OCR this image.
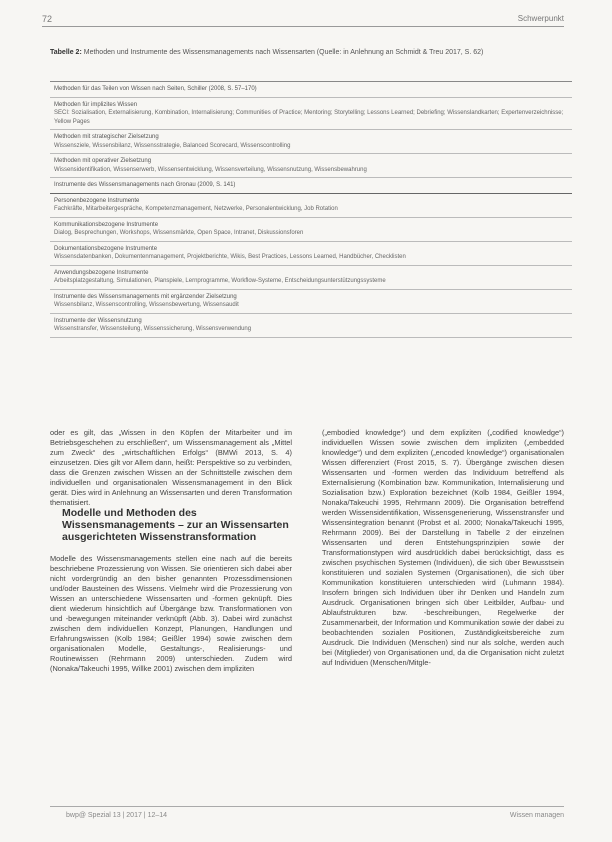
72	Schwerpunkt
Tabelle 2: Methoden und Instrumente des Wissensmanagements nach Wissensarten (Quelle: in Anlehnung an Schmidt & Treu 2017, S. 62)
Methoden für das Teilen von Wissen nach Seiten, Schiller (2008, S. 57–170)
Methoden für implizites Wissen
SECI: Sozialisation, Externalisierung, Kombination, Internalisierung; Communities of Practice; Mentoring; Storytelling; Lessons Learned; Debriefing; Wissenslandkarten; Expertenverzeichnisse; Yellow Pages
Methoden mit strategischer Zielsetzung
Wissensziele, Wissensbilanz, Wissensstrategie, Balanced Scorecard, Wissenscontrolling
Methoden mit operativer Zielsetzung
Wissensidentifikation, Wissenserwerb, Wissensentwicklung, Wissensverteilung, Wissensnutzung, Wissensbewahrung
Instrumente des Wissensmanagements nach Gronau (2009, S. 141)
Personenbezogene Instrumente
Fachkräfte, Mitarbeitergespräche, Kompetenzmanagement, Netzwerke, Personalentwicklung, Job Rotation
Kommunikationsbezogene Instrumente
Dialog, Besprechungen, Workshops, Wissensmärkte, Open Space, Intranet, Diskussionsforen
Dokumentationsbezogene Instrumente
Wissensdatenbanken, Dokumentenmanagement, Projektberichte, Wikis, Best Practices, Lessons Learned, Handbücher, Checklisten
Anwendungsbezogene Instrumente
Arbeitsplatzgestaltung, Simulationen, Planspiele, Lernprogramme, Workflow-Systeme, Entscheidungsunterstützungssysteme
Instrumente des Wissensmanagements mit ergänzender Zielsetzung
Wissensbilanz, Wissenscontrolling, Wissensbewertung, Wissensaudit
Instrumente der Wissensnutzung
Wissenstransfer, Wissensteilung, Wissenssicherung, Wissensverwendung

oder es gilt, das „Wissen in den Köpfen der Mitarbeiter und im Betriebsgeschehen zu erschließen“, um Wissensmanagement als „Mittel zum Zweck“ des „wirtschaftlichen Erfolgs“ (BMWi 2013, S. 4) einzusetzen. Dies gilt vor Allem dann, heißt: Perspektive so zu verbinden, dass die Grenzen zwischen Wissen an der Schnittstelle zwischen dem individuellen und organisationalen Wissensmanagement in den Blick gerät. Dies wird in Anlehnung an Wissensarten und deren Transformation thematisiert.

Modelle und Methoden des Wissensmanagements – zur an Wissensarten ausgerichteten Wissenstransformation

Modelle des Wissensmanagements stellen eine nach auf die bereits beschriebene Prozessierung von Wissen. Sie orientieren sich dabei aber nicht vordergründig an den bisher genannten Prozessdimensionen und/oder Bausteinen des Wissens. Vielmehr wird die Prozessierung von Wissen an unterschiedene Wissensarten und -formen geknüpft. Dies dient wiederum hinsichtlich auf Übergänge bzw. Transformationen von und -bewegungen miteinander verknüpft (Abb. 3). Dabei wird zunächst zwischen dem individuellen Konzept, Planungen, Handlungen und Erfahrungswissen (Kolb 1984; Geißler 1994) sowie zwischen dem organisationalen Modelle, Gestaltungs-, Realisierungs- und Routinewissen (Rehrmann 2009) unterschieden. Zudem wird (Nonaka/Takeuchi 1995, Willke 2001) zwischen dem impliziten

(„embodied knowledge“) und dem expliziten („codified knowledge“) individuellen Wissen sowie zwischen dem impliziten („embedded knowledge“) und dem expliziten („encoded knowledge“) organisationalen Wissen differenziert (Frost 2015, S. 7). Übergänge zwischen diesen Wissensarten und -formen werden das Individuum betreffend als Externalisierung (Kombination bzw. Kommunikation, Internalisierung und Sozialisation bzw.) Exploration bezeichnet (Kolb 1984, Geißler 1994, Nonaka/Takeuchi 1995, Rehrmann 2009). Die Organisation betreffend werden Wissensidentifikation, Wissensgenerierung, Wissenstransfer und Wissensintegration benannt (Probst et al. 2000; Nonaka/Takeuchi 1995, Rehrmann 2009). Bei der Darstellung in Tabelle 2 der einzelnen Wissensarten und deren Entstehungsprinzipien sowie der Transformationstypen wird ausdrücklich dabei berücksichtigt, dass es zwischen psychischen Systemen (Individuen), die sich über Bewusstsein konstituieren und sozialen Systemen (Organisationen), die sich über Kommunikation konstituieren unterschieden wird (Luhmann 1984). Insofern bringen sich Individuen über ihr Denken und Handeln zum Ausdruck. Organisationen bringen sich über Leitbilder, Aufbau- und Ablaufstrukturen bzw. -beschreibungen, Regelwerke der Zusammenarbeit, der Information und Kommunikation sowie der dabei zu beobachtenden sozialen Positionen, Zuständigkeitsbereiche zum Ausdruck. Die Individuen (Menschen) sind nur als solche, werden auch bei (Mitglieder) von Organisationen und, da die Organisation nicht zuletzt auf Individuen (Menschen/Mitgle-

bwp@ Spezial 13 | 2017 | 12–14	Wissen managen
